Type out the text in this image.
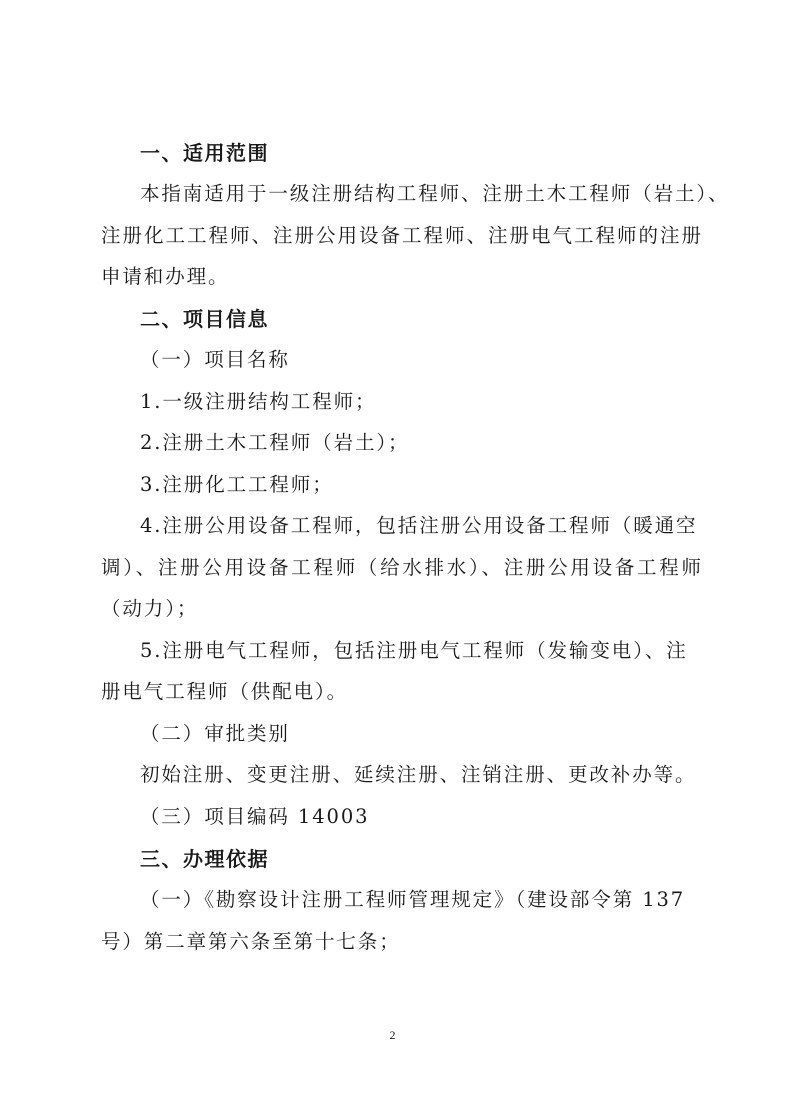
一、适用范围
本指南适用于一级注册结构工程师、注册土木工程师（岩土）、
注册化工工程师、注册公用设备工程师、注册电气工程师的注册
申请和办理。
二、项目信息
（一）项目名称
1.一级注册结构工程师；
2.注册土木工程师（岩土）；
3.注册化工工程师；
4.注册公用设备工程师，包括注册公用设备工程师（暖通空
调）、注册公用设备工程师（给水排水）、注册公用设备工程师
（动力）；
5.注册电气工程师，包括注册电气工程师（发输变电）、注
册电气工程师（供配电）。
（二）审批类别
初始注册、变更注册、延续注册、注销注册、更改补办等。
（三）项目编码 14003
三、办理依据
（一）《勘察设计注册工程师管理规定》（建设部令第 137
号）第二章第六条至第十七条；
2
